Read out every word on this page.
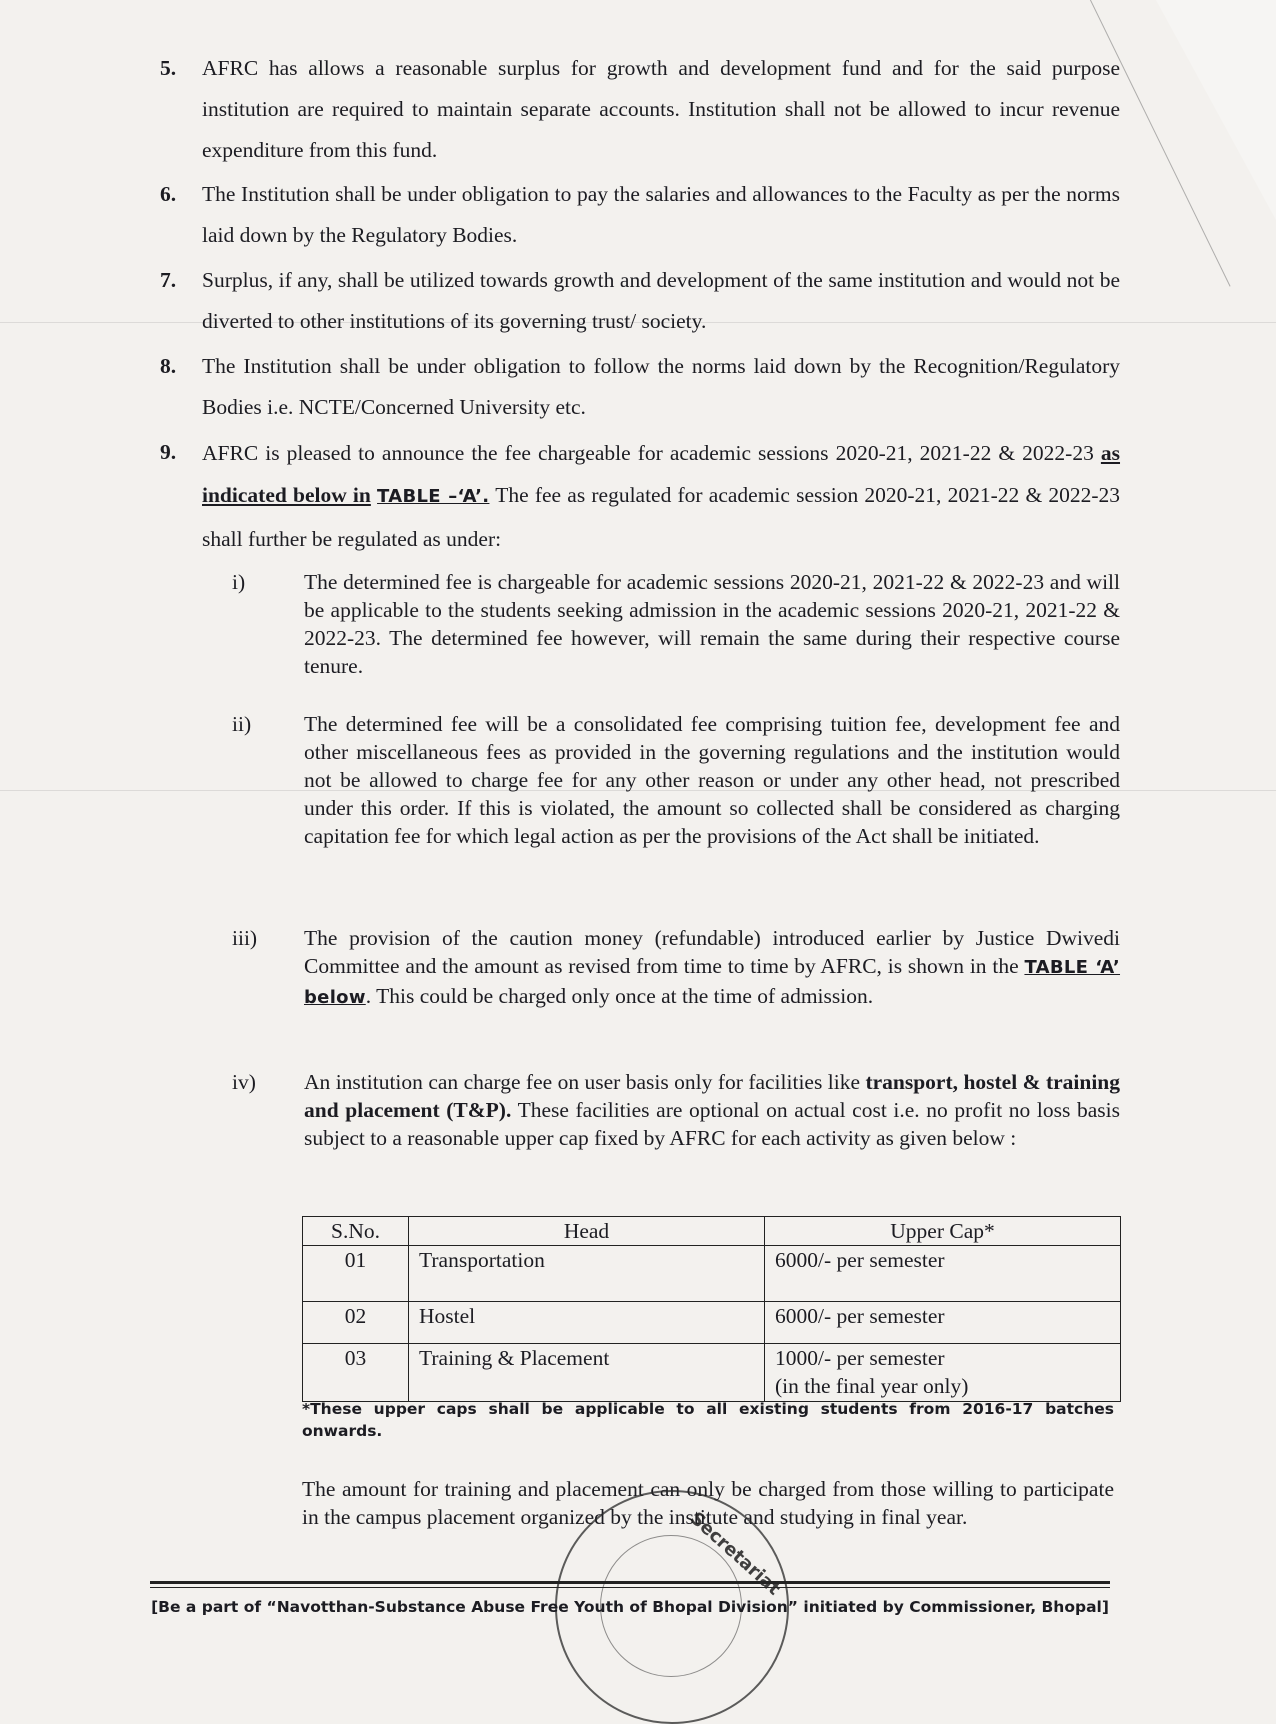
5. AFRC has allows a reasonable surplus for growth and development fund and for the said purpose institution are required to maintain separate accounts. Institution shall not be allowed to incur revenue expenditure from this fund.
6. The Institution shall be under obligation to pay the salaries and allowances to the Faculty as per the norms laid down by the Regulatory Bodies.
7. Surplus, if any, shall be utilized towards growth and development of the same institution and would not be diverted to other institutions of its governing trust/ society.
8. The Institution shall be under obligation to follow the norms laid down by the Recognition/Regulatory Bodies i.e. NCTE/Concerned University etc.
9. AFRC is pleased to announce the fee chargeable for academic sessions 2020-21, 2021-22 & 2022-23 as indicated below in TABLE –‘A’. The fee as regulated for academic session 2020-21, 2021-22 & 2022-23 shall further be regulated as under:
i)	The determined fee is chargeable for academic sessions 2020-21, 2021-22 & 2022-23 and will be applicable to the students seeking admission in the academic sessions 2020-21, 2021-22 & 2022-23. The determined fee however, will remain the same during their respective course tenure.
ii) The determined fee will be a consolidated fee comprising tuition fee, development fee and other miscellaneous fees as provided in the governing regulations and the institution would not be allowed to charge fee for any other reason or under any other head, not prescribed under this order. If this is violated, the amount so collected shall be considered as charging capitation fee for which legal action as per the provisions of the Act shall be initiated.
iii) The provision of the caution money (refundable) introduced earlier by Justice Dwivedi Committee and the amount as revised from time to time by AFRC, is shown in the TABLE ‘A’ below. This could be charged only once at the time of admission.
iv) An institution can charge fee on user basis only for facilities like transport, hostel & training and placement (T&P). These facilities are optional on actual cost i.e. no profit no loss basis subject to a reasonable upper cap fixed by AFRC for each activity as given below :
S.No.	Head	Upper Cap*
01	Transportation	6000/- per semester
02	Hostel	6000/- per semester
03	Training & Placement	1000/- per semester
(in the final year only)
*These upper caps shall be applicable to all existing students from 2016-17 batches onwards.
The amount for training and placement can only be charged from those willing to participate in the campus placement organized by the institute and studying in final year.
Secretariat
[Be a part of “Navotthan-Substance Abuse Free Youth of Bhopal Division” initiated by Commissioner, Bhopal]
